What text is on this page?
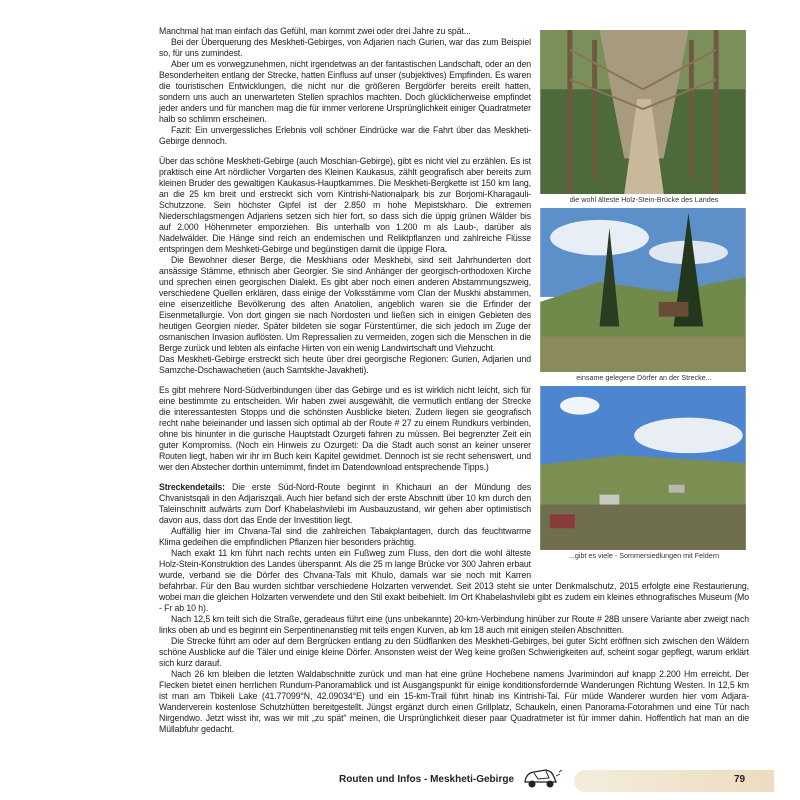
die wohl älteste Holz-Stein-Brücke des Landes
einsame gelegene Dörfer an der Strecke...
...gibt es viele - Sommersiedlungen mit Feldern

Manchmal hat man einfach das Gefühl, man kommt zwei oder drei Jahre zu spät...

Bei der Überquerung des Meskheti-Gebirges, von Adjarien nach Gurien, war das zum Beispiel so, für uns zumindest.

Aber um es vorwegzunehmen, nicht irgendetwas an der fantastischen Landschaft, oder an den Besonderheiten entlang der Strecke, hatten Einfluss auf unser (subjektives) Empfinden. Es waren die touristischen Entwicklungen, die nicht nur die größeren Bergdörfer bereits ereilt hatten, sondern uns auch an unerwarteten Stellen sprachlos machten. Doch glücklicherweise empfindet jeder anders und für manchen mag die für immer verlorene Ursprünglichkeit einiger Quadratmeter halb so schlimm erscheinen.

Fazit: Ein unvergessliches Erlebnis voll schöner Eindrücke war die Fahrt über das Meskheti-Gebirge dennoch.

Über das schöne Meskheti-Gebirge (auch Moschian-Gebirge), gibt es nicht viel zu erzählen. Es ist praktisch eine Art nördlicher Vorgarten des Kleinen Kaukasus, zählt geografisch aber bereits zum kleinen Bruder des gewaltigen Kaukasus-Hauptkammes. Die Meskheti-Bergkette ist 150 km lang, an die 25 km breit und erstreckt sich vom Kintrishi-Nationalpark bis zur Borjomi-Kharagauli-Schutzzone. Sein höchster Gipfel ist der 2.850 m hohe Mepistskharo. Die extremen Niederschlagsmengen Adjariens setzen sich hier fort, so dass sich die üppig grünen Wälder bis auf 2.000 Höhenmeter emporziehen. Bis unterhalb von 1.200 m als Laub-, darüber als Nadelwälder. Die Hänge sind reich an endemischen und Reliktpflanzen und zahlreiche Flüsse entspringen dem Meshketi-Gebirge und begünstigen damit die üppige Flora.

Die Bewohner dieser Berge, die Meskhians oder Meskhebi, sind seit Jahrhunderten dort ansässige Stämme, ethnisch aber Georgier. Sie sind Anhänger der georgisch-orthodoxen Kirche und sprechen einen georgischen Dialekt. Es gibt aber noch einen anderen Abstammungszweig, verschiedene Quellen erklären, dass einige der Volksstämme vom Clan der Muskhi abstammen, eine eisenzeitliche Bevölkerung des alten Anatolien, angeblich waren sie die Erfinder der Eisenmetallurgie. Von dort gingen sie nach Nordosten und ließen sich in einigen Gebieten des heutigen Georgien nieder. Später bildeten sie sogar Fürstentümer, die sich jedoch im Zuge der osmanischen Invasion auflösten. Um Repressalien zu vermeiden, zogen sich die Menschen in die Berge zurück und lebten als einfache Hirten von ein wenig Landwirtschaft und Viehzucht.

Das Meskheti-Gebirge erstreckt sich heute über drei georgische Regionen: Gurien, Adjarien und Samzche-Dschawachetien (auch Samtskhe-Javakheti).

Es gibt mehrere Nord-Südverbindungen über das Gebirge und es ist wirklich nicht leicht, sich für eine bestimmte zu entscheiden. Wir haben zwei ausgewählt, die vermutlich entlang der Strecke die interessantesten Stopps und die schönsten Ausblicke bieten. Zudem liegen sie geografisch recht nahe beieinander und lassen sich optimal ab der Route # 27 zu einem Rundkurs verbinden, ohne bis hinunter in die gurische Hauptstadt Ozurgeti fahren zu müssen. Bei begrenzter Zeit ein guter Kompromiss. (Noch ein Hinweis zu Ozurgeti: Da die Stadt auch sonst an keiner unserer Routen liegt, haben wir ihr im Buch kein Kapitel gewidmet. Dennoch ist sie recht sehenswert, und wer den Abstecher dorthin unternimmt, findet im Datendownload entsprechende Tipps.)

Streckendetails: Die erste Süd-Nord-Route beginnt in Khichauri an der Mündung des Chvanistsqali in den Adjariszqali. Auch hier befand sich der erste Abschnitt über 10 km durch den Taleinschnitt aufwärts zum Dorf Khabelashvilebi im Ausbauzustand, wir gehen aber optimistisch davon aus, dass dort das Ende der Investition liegt.

Auffällig hier im Chvana-Tal sind die zahlreichen Tabakplantagen, durch das feuchtwarme Klima gedeihen die empfindlichen Pflanzen hier besonders prächtig.

Nach exakt 11 km führt nach rechts unten ein Fußweg zum Fluss, den dort die wohl älteste Holz-Stein-Konstruktion des Landes überspannt. Als die 25 m lange Brücke vor 300 Jahren erbaut wurde, verband sie die Dörfer des Chvana-Tals mit Khulo, damals war sie noch mit Karren befahrbar. Für den Bau wurden sichtbar verschiedene Holzarten verwendet. Seit 2013 steht sie unter Denkmalschutz, 2015 erfolgte eine Restaurierung, wobei man die gleichen Holzarten verwendete und den Stil exakt beibehielt. Im Ort Khabelashvilebi gibt es zudem ein kleines ethnografisches Museum (Mo - Fr ab 10 h).

Nach 12,5 km teilt sich die Straße, geradeaus führt eine (uns unbekannte) 20-km-Verbindung hinüber zur Route # 28B unsere Variante aber zweigt nach links oben ab und es beginnt ein Serpentinenanstieg mit teils engen Kurven, ab km 18 auch mit einigen steilen Abschnitten.

Die Strecke führt am oder auf dem Bergrücken entlang zu den Südflanken des Meskheti-Gebirges, bei guter Sicht eröffnen sich zwischen den Wäldern schöne Ausblicke auf die Täler und einige kleine Dörfer. Ansonsten weist der Weg keine großen Schwierigkeiten auf, scheint sogar gepflegt, warum erklärt sich kurz darauf.

Nach 26 km bleiben die letzten Waldabschnitte zurück und man hat eine grüne Hochebene namens Jvarimindori auf knapp 2.200 Hm erreicht. Der Flecken bietet einen herrlichen Rundum-Panoramablick und ist Ausgangspunkt für einige konditionsfordernde Wanderungen Richtung Westen. In 12,5 km ist man am Tbikeli Lake (41.77099°N, 42.09034°E) und ein 15-km-Trail führt hinab ins Kintrishi-Tal. Für müde Wanderer wurden hier vom Adjara-Wanderverein kostenlose Schutzhütten bereitgestellt. Jüngst ergänzt durch einen Grillplatz, Schaukeln, einen Panorama-Fotorahmen und eine Tür nach Nirgendwo. Jetzt wisst ihr, was wir mit „zu spät“ meinen, die Ursprünglichkeit dieser paar Quadratmeter ist für immer dahin. Hoffentlich hat man an die Müllabfuhr gedacht.

Routen und Infos - Meskheti-Gebirge	79
